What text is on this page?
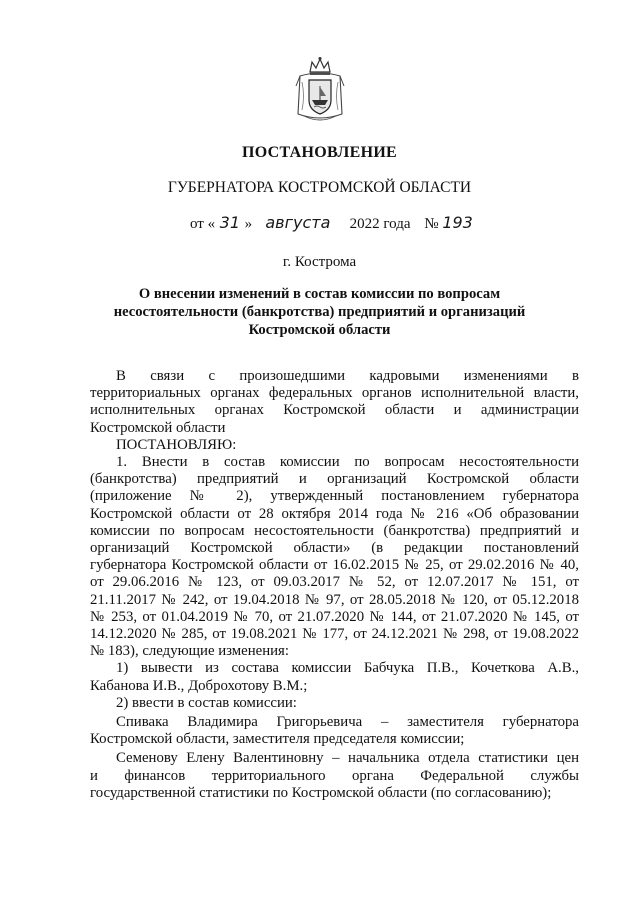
ПОСТАНОВЛЕНИЕ
ГУБЕРНАТОРА КОСТРОМСКОЙ ОБЛАСТИ
от « 31 » августа 2022 года № 193
г. Кострома
О внесении изменений в состав комиссии по вопросам
несостоятельности (банкротства) предприятий и организаций
Костромской области

В связи с произошедшими кадровыми изменениями в

территориальных органах федеральных органов исполнительной власти,

исполнительных органах Костромской области и администрации

Костромской области

ПОСТАНОВЛЯЮ:

1. Внести в состав комиссии по вопросам несостоятельности

(банкротства) предприятий и организаций Костромской области

(приложение № 2), утвержденный постановлением губернатора

Костромской области от 28 октября 2014 года № 216 «Об образовании

комиссии по вопросам несостоятельности (банкротства) предприятий и

организаций Костромской области» (в редакции постановлений

губернатора Костромской области от 16.02.2015 № 25, от 29.02.2016 № 40,

от 29.06.2016 № 123, от 09.03.2017 № 52, от 12.07.2017 № 151, от

21.11.2017 № 242, от 19.04.2018 № 97, от 28.05.2018 № 120, от 05.12.2018

№ 253, от 01.04.2019 № 70, от 21.07.2020 № 144, от 21.07.2020 № 145, от

14.12.2020 № 285, от 19.08.2021 № 177, от 24.12.2021 № 298, от 19.08.2022

№ 183), следующие изменения:

1) вывести из состава комиссии Бабчука П.В., Кочеткова А.В.,

Кабанова И.В., Доброхотову В.М.;

2) ввести в состав комиссии:

Спивака Владимира Григорьевича – заместителя губернатора

Костромской области, заместителя председателя комиссии;

Семенову Елену Валентиновну – начальника отдела статистики цен

и финансов территориального органа Федеральной службы

государственной статистики по Костромской области (по согласованию);
